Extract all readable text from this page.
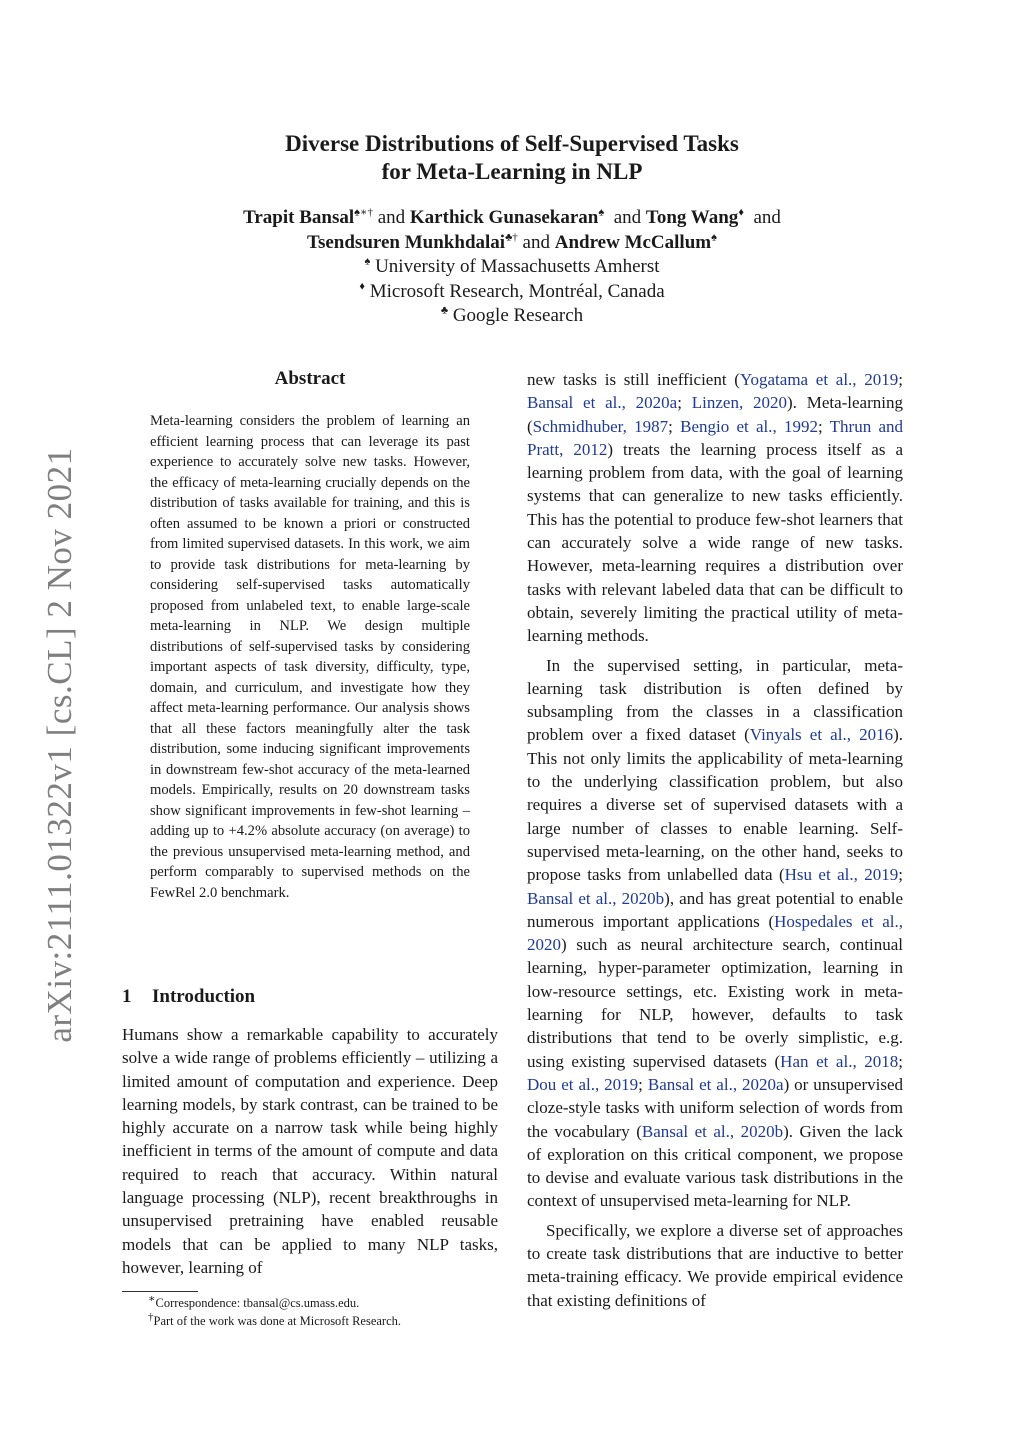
arXiv:2111.01322v1 [cs.CL] 2 Nov 2021
Diverse Distributions of Self-Supervised Tasks
for Meta-Learning in NLP
Trapit Bansal♠∗† and Karthick Gunasekaran♠ and Tong Wang♦ and
Tsendsuren Munkhdalai♣† and Andrew McCallum♠
♠ University of Massachusetts Amherst
♦ Microsoft Research, Montréal, Canada
♣ Google Research
Abstract
Meta-learning considers the problem of learning an efficient learning process that can leverage its past experience to accurately solve new tasks. However, the efficacy of meta-learning crucially depends on the distribution of tasks available for training, and this is often assumed to be known a priori or constructed from limited supervised datasets. In this work, we aim to provide task distributions for meta-learning by considering self-supervised tasks automatically proposed from unlabeled text, to enable large-scale meta-learning in NLP. We design multiple distributions of self-supervised tasks by considering important aspects of task diversity, difficulty, type, domain, and curriculum, and investigate how they affect meta-learning performance. Our analysis shows that all these factors meaningfully alter the task distribution, some inducing significant improvements in downstream few-shot accuracy of the meta-learned models. Empirically, results on 20 downstream tasks show significant improvements in few-shot learning – adding up to +4.2% absolute accuracy (on average) to the previous unsupervised meta-learning method, and perform comparably to supervised methods on the FewRel 2.0 benchmark.
1 Introduction
Humans show a remarkable capability to accurately solve a wide range of problems efficiently – utilizing a limited amount of computation and experience. Deep learning models, by stark contrast, can be trained to be highly accurate on a narrow task while being highly inefficient in terms of the amount of compute and data required to reach that accuracy. Within natural language processing (NLP), recent breakthroughs in unsupervised pretraining have enabled reusable models that can be applied to many NLP tasks, however, learning of
∗Correspondence: tbansal@cs.umass.edu.
†Part of the work was done at Microsoft Research.

new tasks is still inefficient (Yogatama et al., 2019; Bansal et al., 2020a; Linzen, 2020). Meta-learning (Schmidhuber, 1987; Bengio et al., 1992; Thrun and Pratt, 2012) treats the learning process itself as a learning problem from data, with the goal of learning systems that can generalize to new tasks efficiently. This has the potential to produce few-shot learners that can accurately solve a wide range of new tasks. However, meta-learning requires a distribution over tasks with relevant labeled data that can be difficult to obtain, severely limiting the practical utility of meta-learning methods.

In the supervised setting, in particular, meta-learning task distribution is often defined by subsampling from the classes in a classification problem over a fixed dataset (Vinyals et al., 2016). This not only limits the applicability of meta-learning to the underlying classification problem, but also requires a diverse set of supervised datasets with a large number of classes to enable learning. Self-supervised meta-learning, on the other hand, seeks to propose tasks from unlabelled data (Hsu et al., 2019; Bansal et al., 2020b), and has great potential to enable numerous important applications (Hospedales et al., 2020) such as neural architecture search, continual learning, hyper-parameter optimization, learning in low-resource settings, etc. Existing work in meta-learning for NLP, however, defaults to task distributions that tend to be overly simplistic, e.g. using existing supervised datasets (Han et al., 2018; Dou et al., 2019; Bansal et al., 2020a) or unsupervised cloze-style tasks with uniform selection of words from the vocabulary (Bansal et al., 2020b). Given the lack of exploration on this critical component, we propose to devise and evaluate various task distributions in the context of unsupervised meta-learning for NLP.

Specifically, we explore a diverse set of approaches to create task distributions that are inductive to better meta-training efficacy. We provide empirical evidence that existing definitions of
